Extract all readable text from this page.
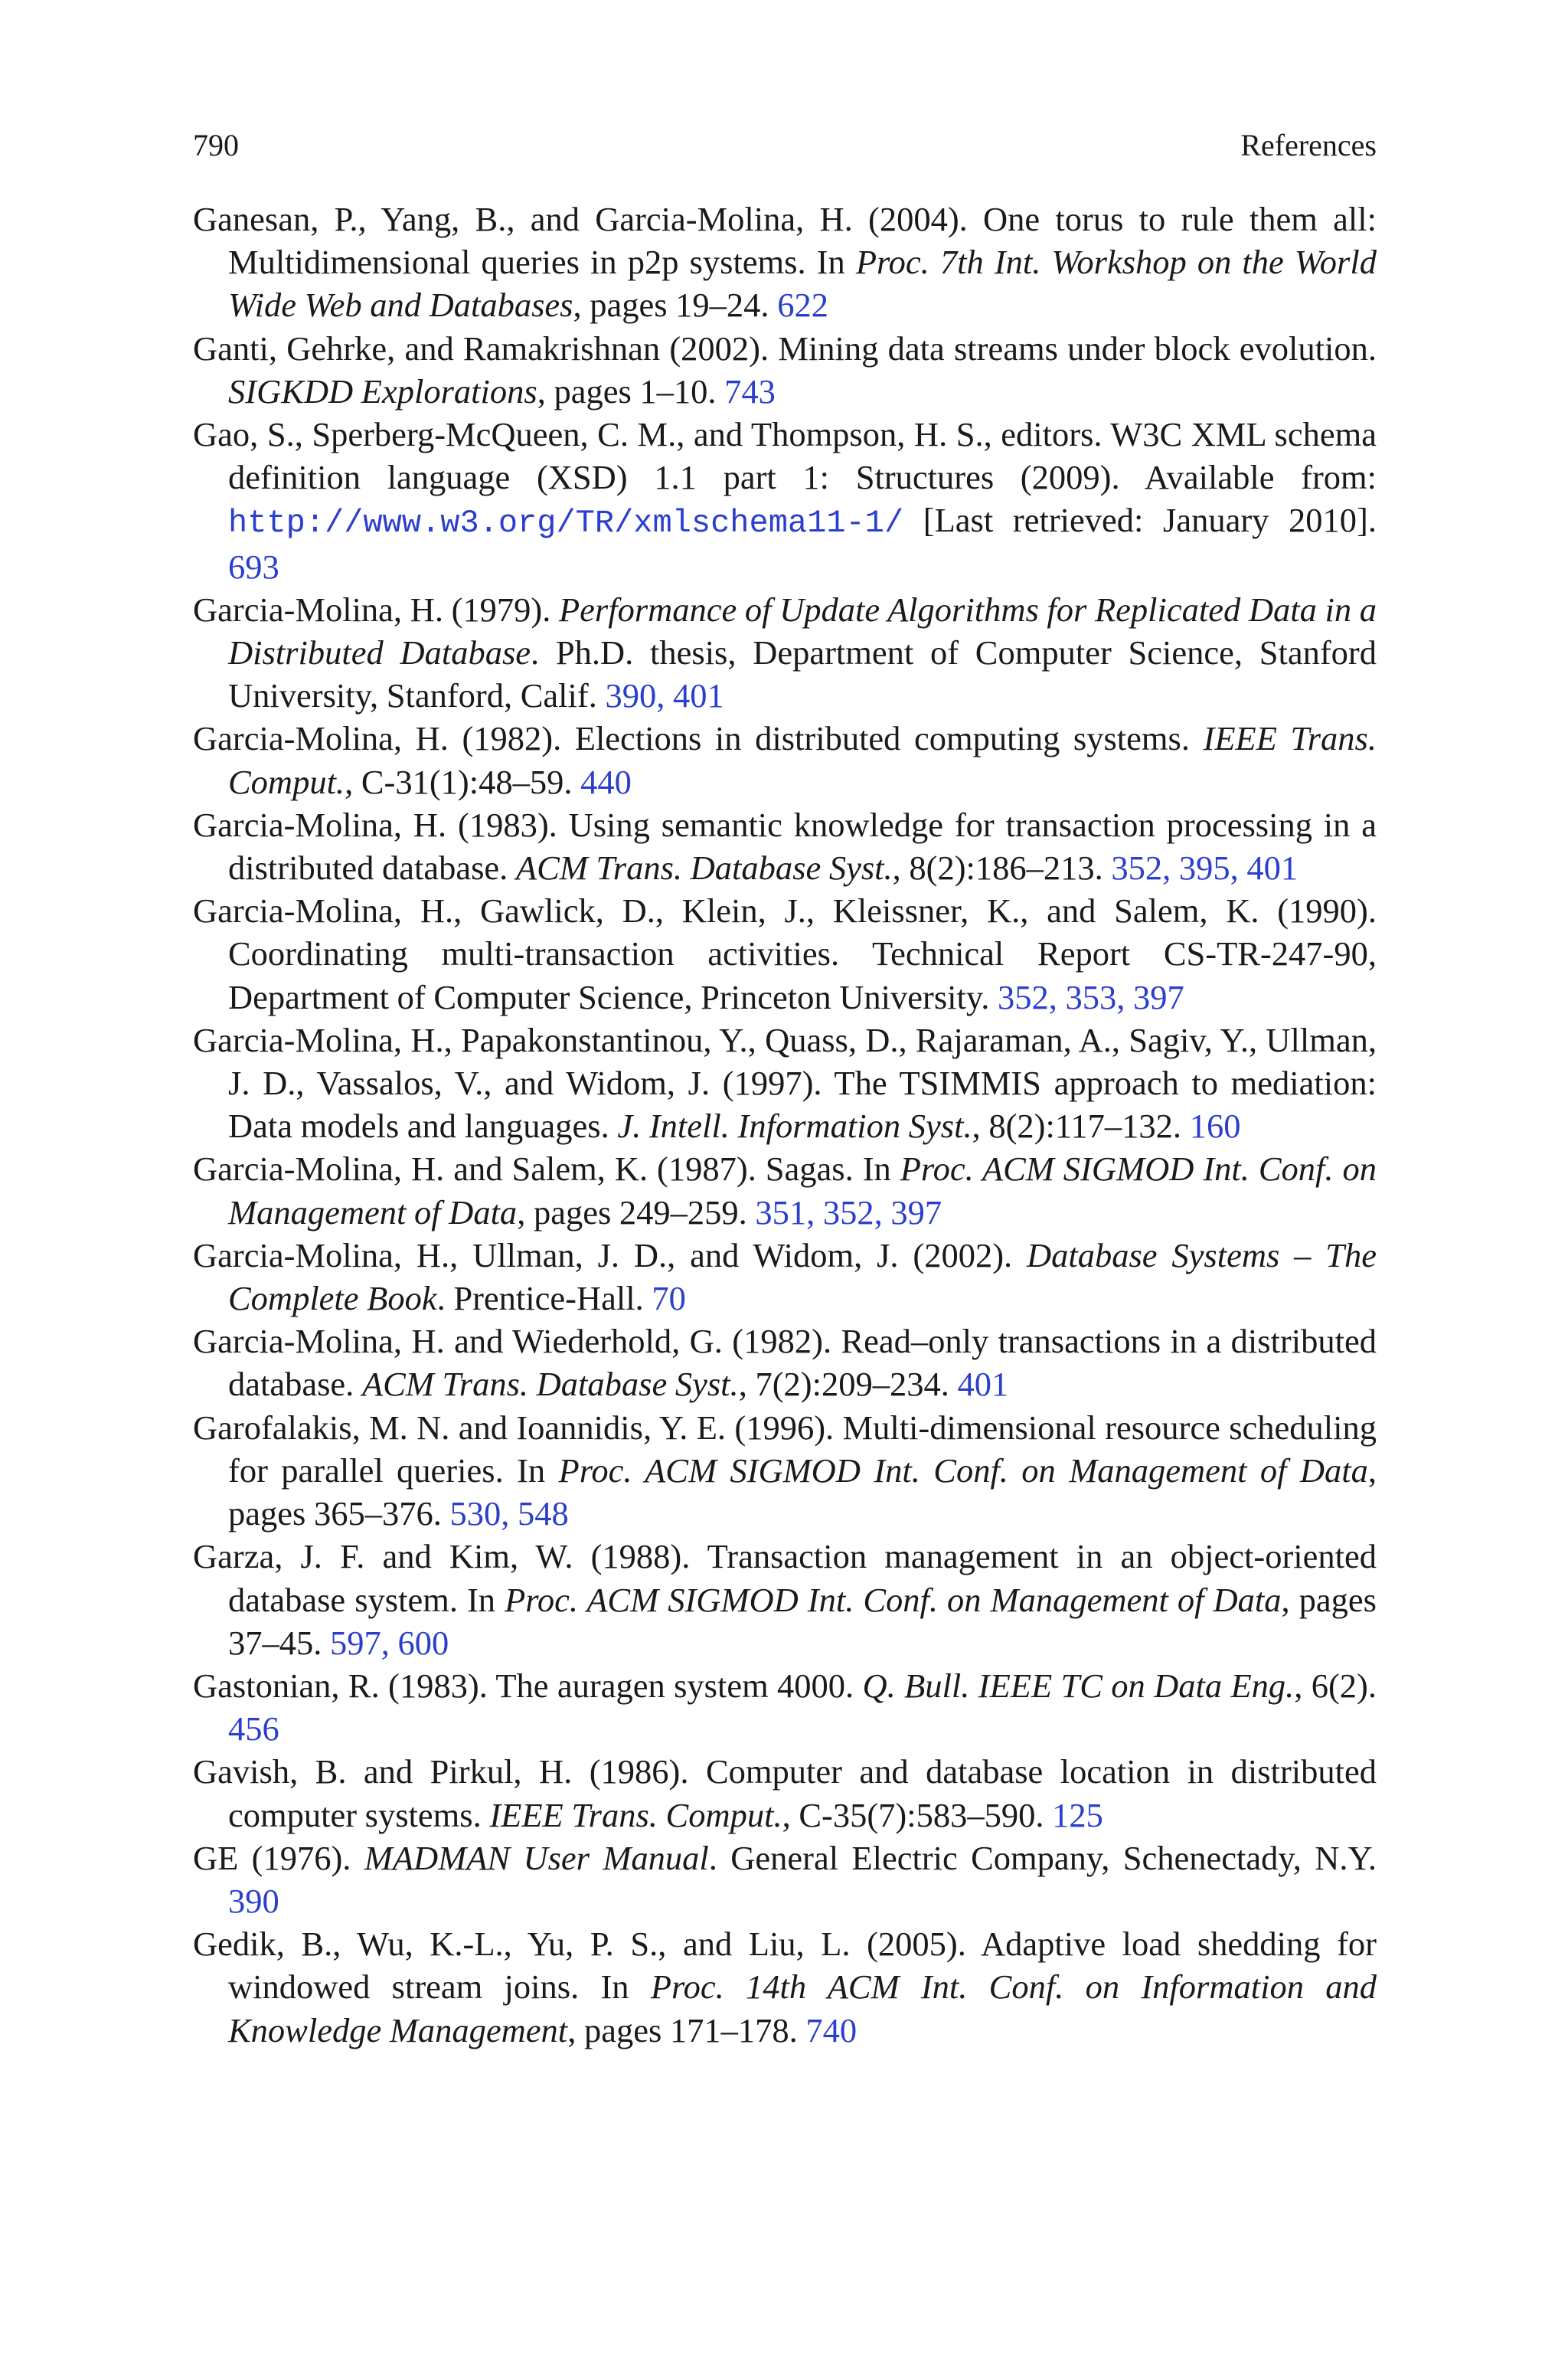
790	References
Ganesan, P., Yang, B., and Garcia-Molina, H. (2004). One torus to rule them all: Multidimensional queries in p2p systems. In Proc. 7th Int. Workshop on the World Wide Web and Databases, pages 19–24. 622
Ganti, Gehrke, and Ramakrishnan (2002). Mining data streams under block evolution. SIGKDD Explorations, pages 1–10. 743
Gao, S., Sperberg-McQueen, C. M., and Thompson, H. S., editors. W3C XML schema definition language (XSD) 1.1 part 1: Structures (2009). Available from: http://www.w3.org/TR/xmlschema11-1/ [Last retrieved: January 2010]. 693
Garcia-Molina, H. (1979). Performance of Update Algorithms for Replicated Data in a Distributed Database. Ph.D. thesis, Department of Computer Science, Stanford University, Stanford, Calif. 390, 401
Garcia-Molina, H. (1982). Elections in distributed computing systems. IEEE Trans. Comput., C-31(1):48–59. 440
Garcia-Molina, H. (1983). Using semantic knowledge for transaction processing in a distributed database. ACM Trans. Database Syst., 8(2):186–213. 352, 395, 401
Garcia-Molina, H., Gawlick, D., Klein, J., Kleissner, K., and Salem, K. (1990). Coordinating multi-transaction activities. Technical Report CS-TR-247-90, Department of Computer Science, Princeton University. 352, 353, 397
Garcia-Molina, H., Papakonstantinou, Y., Quass, D., Rajaraman, A., Sagiv, Y., Ullman, J. D., Vassalos, V., and Widom, J. (1997). The TSIMMIS approach to mediation: Data models and languages. J. Intell. Information Syst., 8(2):117–132. 160
Garcia-Molina, H. and Salem, K. (1987). Sagas. In Proc. ACM SIGMOD Int. Conf. on Management of Data, pages 249–259. 351, 352, 397
Garcia-Molina, H., Ullman, J. D., and Widom, J. (2002). Database Systems – The Complete Book. Prentice-Hall. 70
Garcia-Molina, H. and Wiederhold, G. (1982). Read–only transactions in a distributed database. ACM Trans. Database Syst., 7(2):209–234. 401
Garofalakis, M. N. and Ioannidis, Y. E. (1996). Multi-dimensional resource scheduling for parallel queries. In Proc. ACM SIGMOD Int. Conf. on Management of Data, pages 365–376. 530, 548
Garza, J. F. and Kim, W. (1988). Transaction management in an object-oriented database system. In Proc. ACM SIGMOD Int. Conf. on Management of Data, pages 37–45. 597, 600
Gastonian, R. (1983). The auragen system 4000. Q. Bull. IEEE TC on Data Eng., 6(2). 456
Gavish, B. and Pirkul, H. (1986). Computer and database location in distributed computer systems. IEEE Trans. Comput., C-35(7):583–590. 125
GE (1976). MADMAN User Manual. General Electric Company, Schenectady, N.Y. 390
Gedik, B., Wu, K.-L., Yu, P. S., and Liu, L. (2005). Adaptive load shedding for windowed stream joins. In Proc. 14th ACM Int. Conf. on Information and Knowledge Management, pages 171–178. 740
